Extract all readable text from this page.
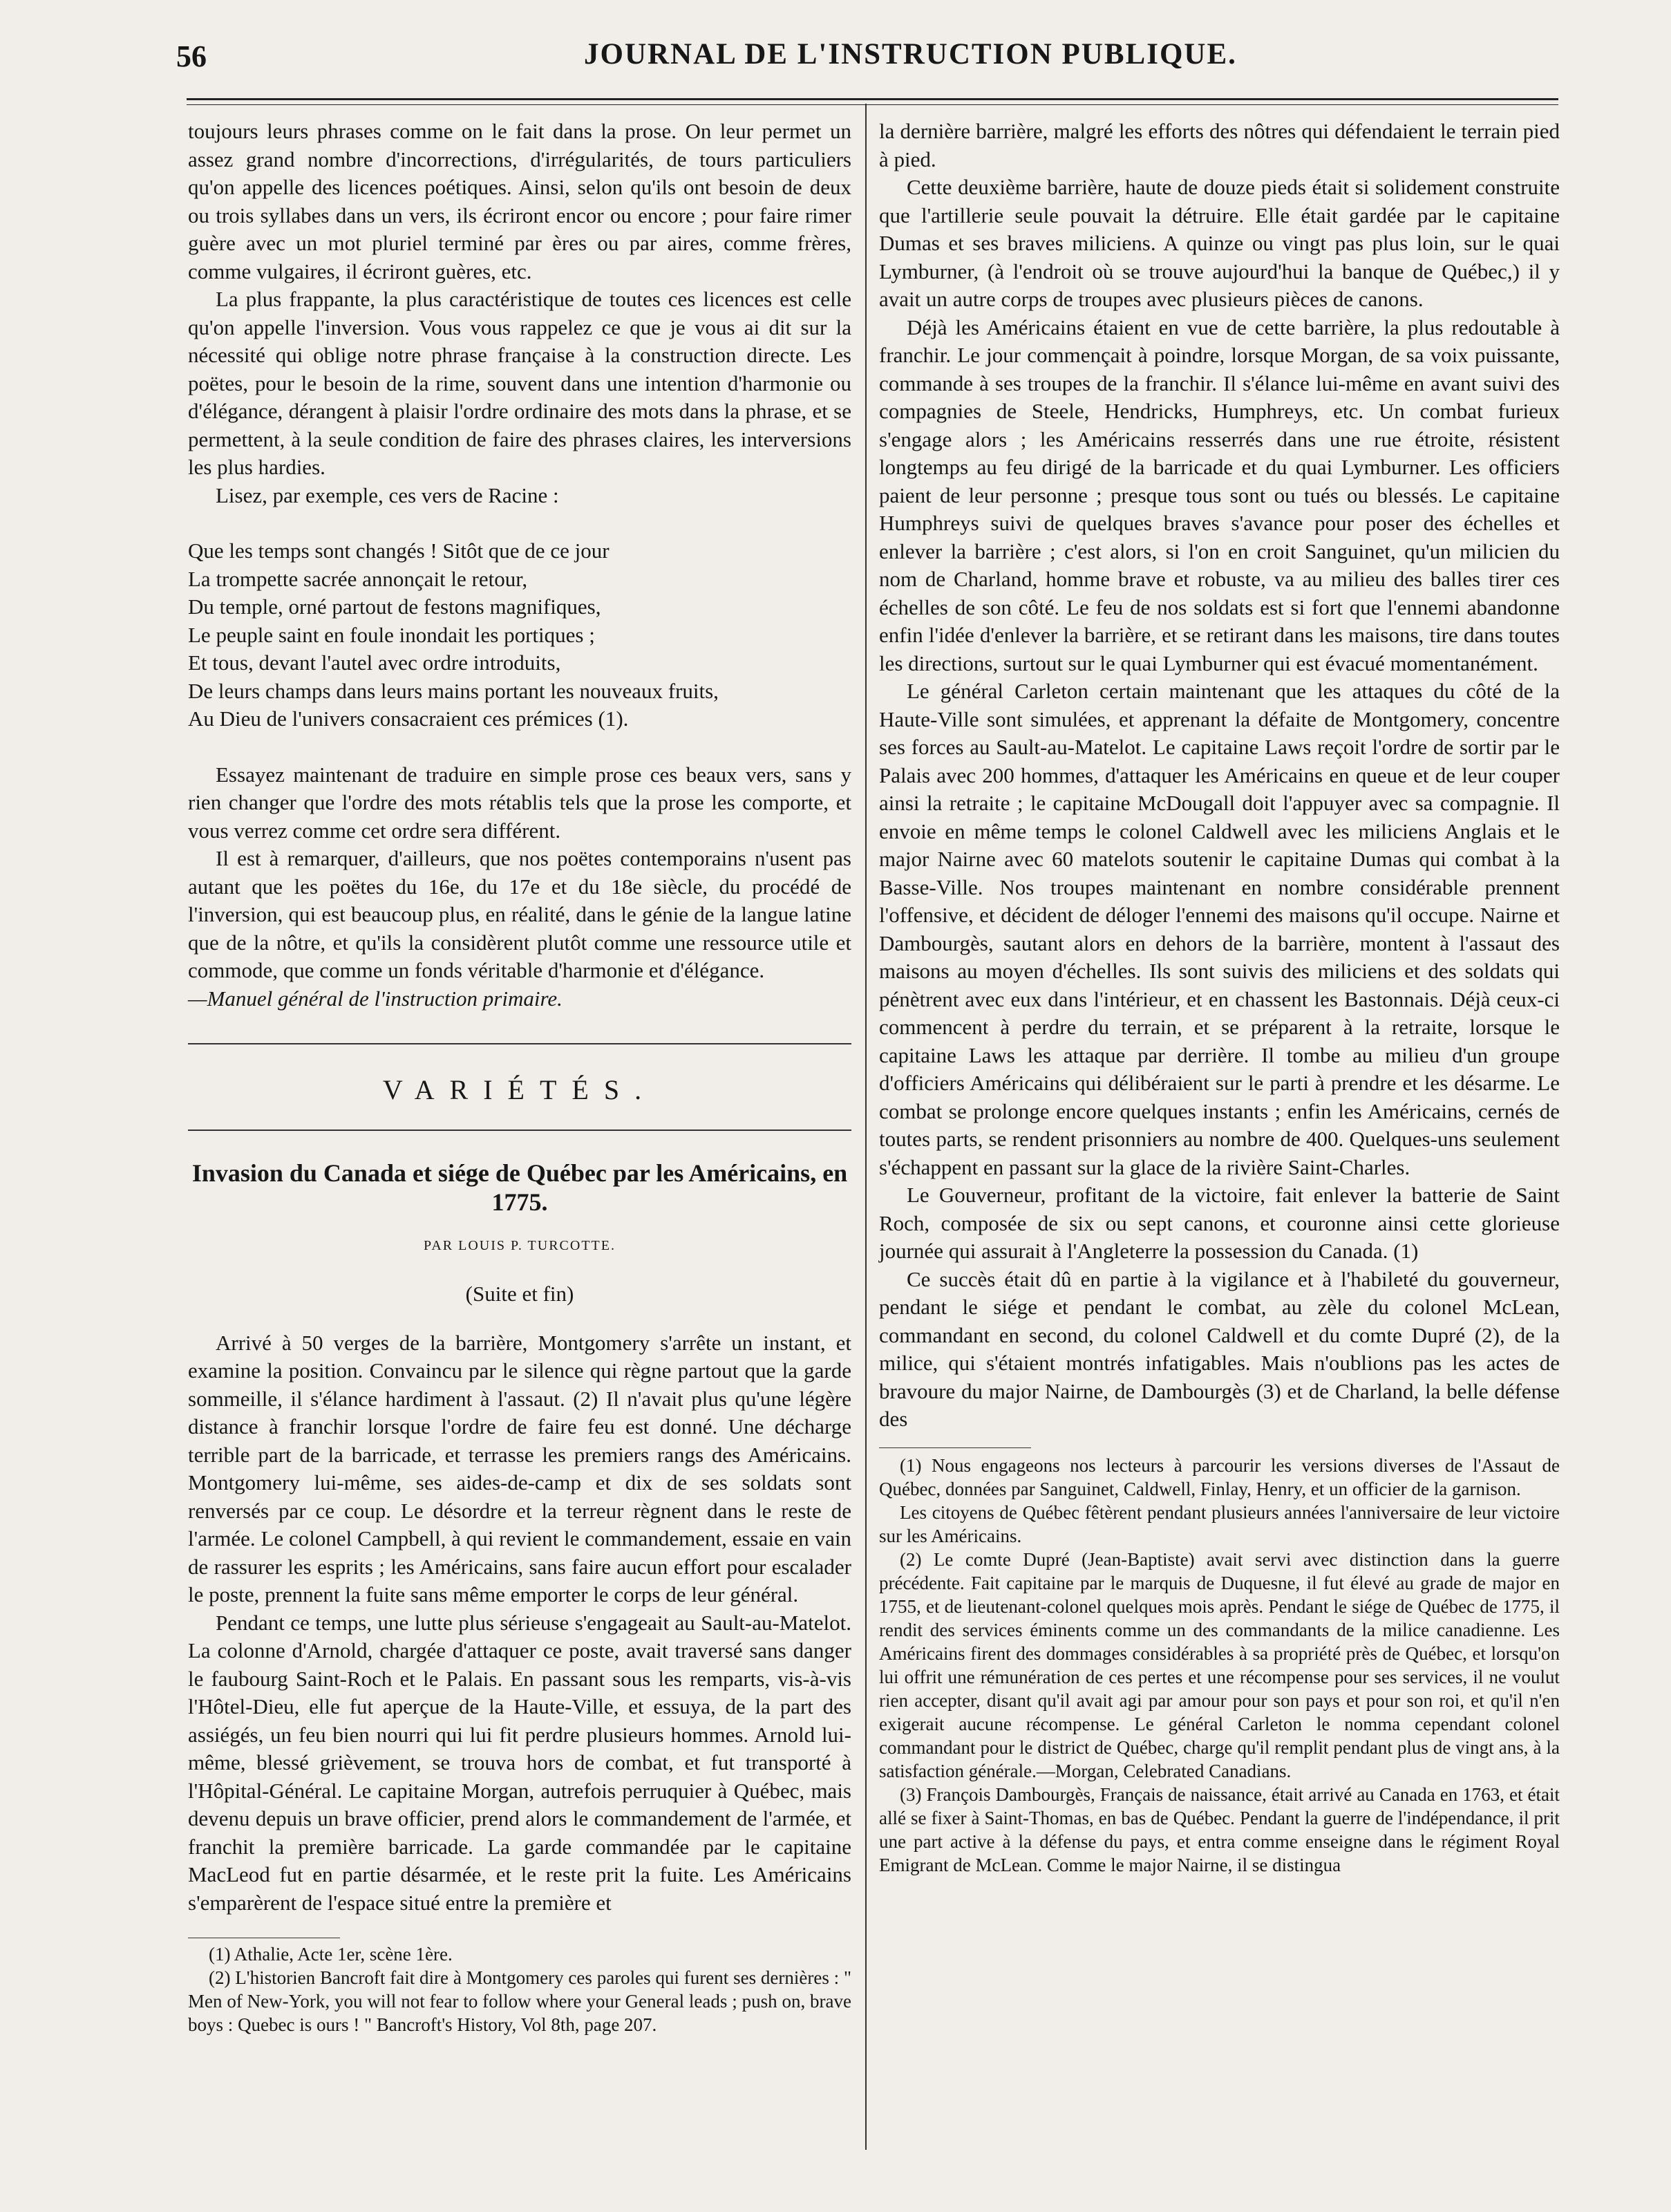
56	JOURNAL DE L'INSTRUCTION PUBLIQUE.

toujours leurs phrases comme on le fait dans la prose. On leur permet un assez grand nombre d'incorrections, d'irrégularités, de tours particuliers qu'on appelle des licences poétiques. Ainsi, selon qu'ils ont besoin de deux ou trois syllabes dans un vers, ils écriront encor ou encore ; pour faire rimer guère avec un mot pluriel terminé par ères ou par aires, comme frères, comme vulgaires, il écriront guères, etc.

La plus frappante, la plus caractéristique de toutes ces licences est celle qu'on appelle l'inversion. Vous vous rappelez ce que je vous ai dit sur la nécessité qui oblige notre phrase française à la construction directe. Les poëtes, pour le besoin de la rime, souvent dans une intention d'harmonie ou d'élégance, dérangent à plaisir l'ordre ordinaire des mots dans la phrase, et se permettent, à la seule condition de faire des phrases claires, les interversions les plus hardies.

Lisez, par exemple, ces vers de Racine :

Que les temps sont changés ! Sitôt que de ce jour
La trompette sacrée annonçait le retour,
Du temple, orné partout de festons magnifiques,
Le peuple saint en foule inondait les portiques ;
Et tous, devant l'autel avec ordre introduits,
De leurs champs dans leurs mains portant les nouveaux fruits,
Au Dieu de l'univers consacraient ces prémices (1).

Essayez maintenant de traduire en simple prose ces beaux vers, sans y rien changer que l'ordre des mots rétablis tels que la prose les comporte, et vous verrez comme cet ordre sera différent.

Il est à remarquer, d'ailleurs, que nos poëtes contemporains n'usent pas autant que les poëtes du 16e, du 17e et du 18e siècle, du procédé de l'inversion, qui est beaucoup plus, en réalité, dans le génie de la langue latine que de la nôtre, et qu'ils la considèrent plutôt comme une ressource utile et commode, que comme un fonds véritable d'harmonie et d'élégance.

—Manuel général de l'instruction primaire.

VARIÉTÉS.
Invasion du Canada et siége de Québec par les Américains, en 1775.
PAR LOUIS P. TURCOTTE.
(Suite et fin)

Arrivé à 50 verges de la barrière, Montgomery s'arrête un instant, et examine la position. Convaincu par le silence qui règne partout que la garde sommeille, il s'élance hardiment à l'assaut. (2) Il n'avait plus qu'une légère distance à franchir lorsque l'ordre de faire feu est donné. Une décharge terrible part de la barricade, et terrasse les premiers rangs des Américains. Montgomery lui-même, ses aides-de-camp et dix de ses soldats sont renversés par ce coup. Le désordre et la terreur règnent dans le reste de l'armée. Le colonel Campbell, à qui revient le commandement, essaie en vain de rassurer les esprits ; les Américains, sans faire aucun effort pour escalader le poste, prennent la fuite sans même emporter le corps de leur général.

Pendant ce temps, une lutte plus sérieuse s'engageait au Sault-au-Matelot. La colonne d'Arnold, chargée d'attaquer ce poste, avait traversé sans danger le faubourg Saint-Roch et le Palais. En passant sous les remparts, vis-à-vis l'Hôtel-Dieu, elle fut aperçue de la Haute-Ville, et essuya, de la part des assiégés, un feu bien nourri qui lui fit perdre plusieurs hommes. Arnold lui-même, blessé grièvement, se trouva hors de combat, et fut transporté à l'Hôpital-Général. Le capitaine Morgan, autrefois perruquier à Québec, mais devenu depuis un brave officier, prend alors le commandement de l'armée, et franchit la première barricade. La garde commandée par le capitaine MacLeod fut en partie désarmée, et le reste prit la fuite. Les Américains s'emparèrent de l'espace situé entre la première et

(1) Athalie, Acte 1er, scène 1ère.

(2) L'historien Bancroft fait dire à Montgomery ces paroles qui furent ses dernières : " Men of New-York, you will not fear to follow where your General leads ; push on, brave boys : Quebec is ours ! " Bancroft's History, Vol 8th, page 207.

la dernière barrière, malgré les efforts des nôtres qui défendaient le terrain pied à pied.

Cette deuxième barrière, haute de douze pieds était si solidement construite que l'artillerie seule pouvait la détruire. Elle était gardée par le capitaine Dumas et ses braves miliciens. A quinze ou vingt pas plus loin, sur le quai Lymburner, (à l'endroit où se trouve aujourd'hui la banque de Québec,) il y avait un autre corps de troupes avec plusieurs pièces de canons.

Déjà les Américains étaient en vue de cette barrière, la plus redoutable à franchir. Le jour commençait à poindre, lorsque Morgan, de sa voix puissante, commande à ses troupes de la franchir. Il s'élance lui-même en avant suivi des compagnies de Steele, Hendricks, Humphreys, etc. Un combat furieux s'engage alors ; les Américains resserrés dans une rue étroite, résistent longtemps au feu dirigé de la barricade et du quai Lymburner. Les officiers paient de leur personne ; presque tous sont ou tués ou blessés. Le capitaine Humphreys suivi de quelques braves s'avance pour poser des échelles et enlever la barrière ; c'est alors, si l'on en croit Sanguinet, qu'un milicien du nom de Charland, homme brave et robuste, va au milieu des balles tirer ces échelles de son côté. Le feu de nos soldats est si fort que l'ennemi abandonne enfin l'idée d'enlever la barrière, et se retirant dans les maisons, tire dans toutes les directions, surtout sur le quai Lymburner qui est évacué momentanément.

Le général Carleton certain maintenant que les attaques du côté de la Haute-Ville sont simulées, et apprenant la défaite de Montgomery, concentre ses forces au Sault-au-Matelot. Le capitaine Laws reçoit l'ordre de sortir par le Palais avec 200 hommes, d'attaquer les Américains en queue et de leur couper ainsi la retraite ; le capitaine McDougall doit l'appuyer avec sa compagnie. Il envoie en même temps le colonel Caldwell avec les miliciens Anglais et le major Nairne avec 60 matelots soutenir le capitaine Dumas qui combat à la Basse-Ville. Nos troupes maintenant en nombre considérable prennent l'offensive, et décident de déloger l'ennemi des maisons qu'il occupe. Nairne et Dambourgès, sautant alors en dehors de la barrière, montent à l'assaut des maisons au moyen d'échelles. Ils sont suivis des miliciens et des soldats qui pénètrent avec eux dans l'intérieur, et en chassent les Bastonnais. Déjà ceux-ci commencent à perdre du terrain, et se préparent à la retraite, lorsque le capitaine Laws les attaque par derrière. Il tombe au milieu d'un groupe d'officiers Américains qui délibéraient sur le parti à prendre et les désarme. Le combat se prolonge encore quelques instants ; enfin les Américains, cernés de toutes parts, se rendent prisonniers au nombre de 400. Quelques-uns seulement s'échappent en passant sur la glace de la rivière Saint-Charles.

Le Gouverneur, profitant de la victoire, fait enlever la batterie de Saint Roch, composée de six ou sept canons, et couronne ainsi cette glorieuse journée qui assurait à l'Angleterre la possession du Canada. (1)

Ce succès était dû en partie à la vigilance et à l'habileté du gouverneur, pendant le siége et pendant le combat, au zèle du colonel McLean, commandant en second, du colonel Caldwell et du comte Dupré (2), de la milice, qui s'étaient montrés infatigables. Mais n'oublions pas les actes de bravoure du major Nairne, de Dambourgès (3) et de Charland, la belle défense des

(1) Nous engageons nos lecteurs à parcourir les versions diverses de l'Assaut de Québec, données par Sanguinet, Caldwell, Finlay, Henry, et un officier de la garnison.

Les citoyens de Québec fêtèrent pendant plusieurs années l'anniversaire de leur victoire sur les Américains.

(2) Le comte Dupré (Jean-Baptiste) avait servi avec distinction dans la guerre précédente. Fait capitaine par le marquis de Duquesne, il fut élevé au grade de major en 1755, et de lieutenant-colonel quelques mois après. Pendant le siége de Québec de 1775, il rendit des services éminents comme un des commandants de la milice canadienne. Les Américains firent des dommages considérables à sa propriété près de Québec, et lorsqu'on lui offrit une rémunération de ces pertes et une récompense pour ses services, il ne voulut rien accepter, disant qu'il avait agi par amour pour son pays et pour son roi, et qu'il n'en exigerait aucune récompense. Le général Carleton le nomma cependant colonel commandant pour le district de Québec, charge qu'il remplit pendant plus de vingt ans, à la satisfaction générale.—Morgan, Celebrated Canadians.

(3) François Dambourgès, Français de naissance, était arrivé au Canada en 1763, et était allé se fixer à Saint-Thomas, en bas de Québec. Pendant la guerre de l'indépendance, il prit une part active à la défense du pays, et entra comme enseigne dans le régiment Royal Emigrant de McLean. Comme le major Nairne, il se distingua
